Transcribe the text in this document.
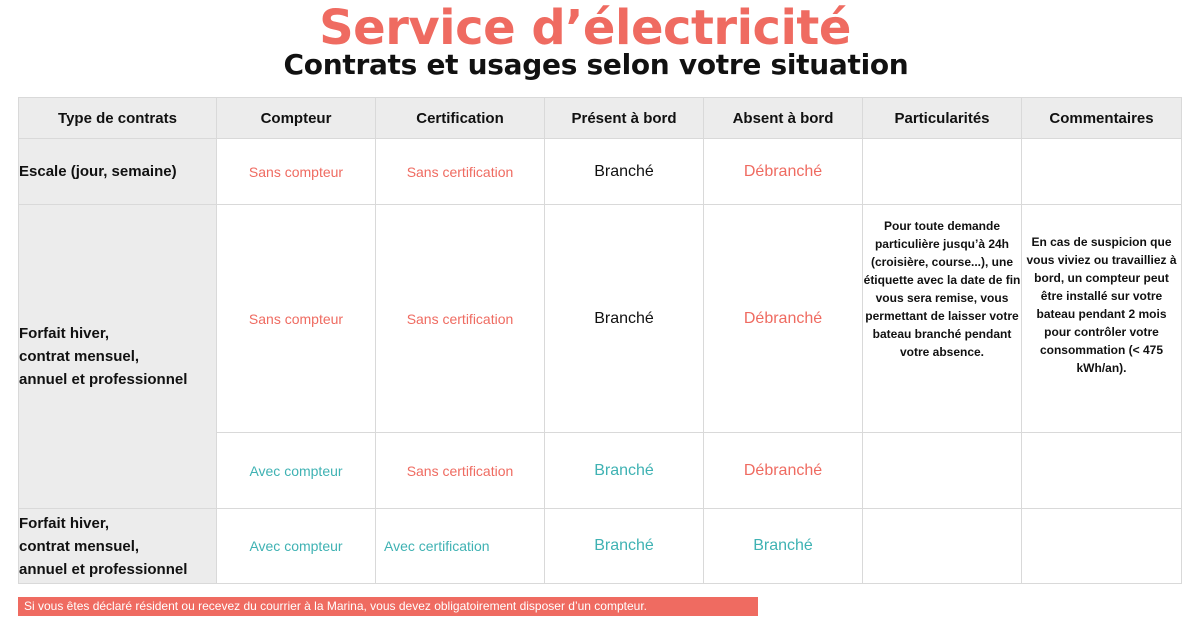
Service d’électricité
Contrats et usages selon votre situation
Type de contrats	Compteur	Certification	Présent à bord	Absent à bord	Particularités	Commentaires
Escale (jour, semaine)	Sans compteur	Sans certification	Branché	Débranché		

Forfait hiver,
contrat mensuel,
annuel et professionnel	Sans compteur	Sans certification	Branché	Débranché	Pour toute demande particulière jusqu’à 24h (croisière, course...), une étiquette avec la date de fin vous sera remise, vous permettant de laisser votre bateau branché pendant votre absence.	En cas de suspicion que vous viviez ou travailliez à bord, un compteur peut être installé sur votre bateau pendant 2 mois pour contrôler votre consommation (< 475 kWh/an).
	Avec compteur	Sans certification	Branché	Débranché		

Forfait hiver,
contrat mensuel,
annuel et professionnel	Avec compteur	Avec certification	Branché	Branché		
Si vous êtes déclaré résident ou recevez du courrier à la Marina, vous devez obligatoirement disposer d’un compteur.
